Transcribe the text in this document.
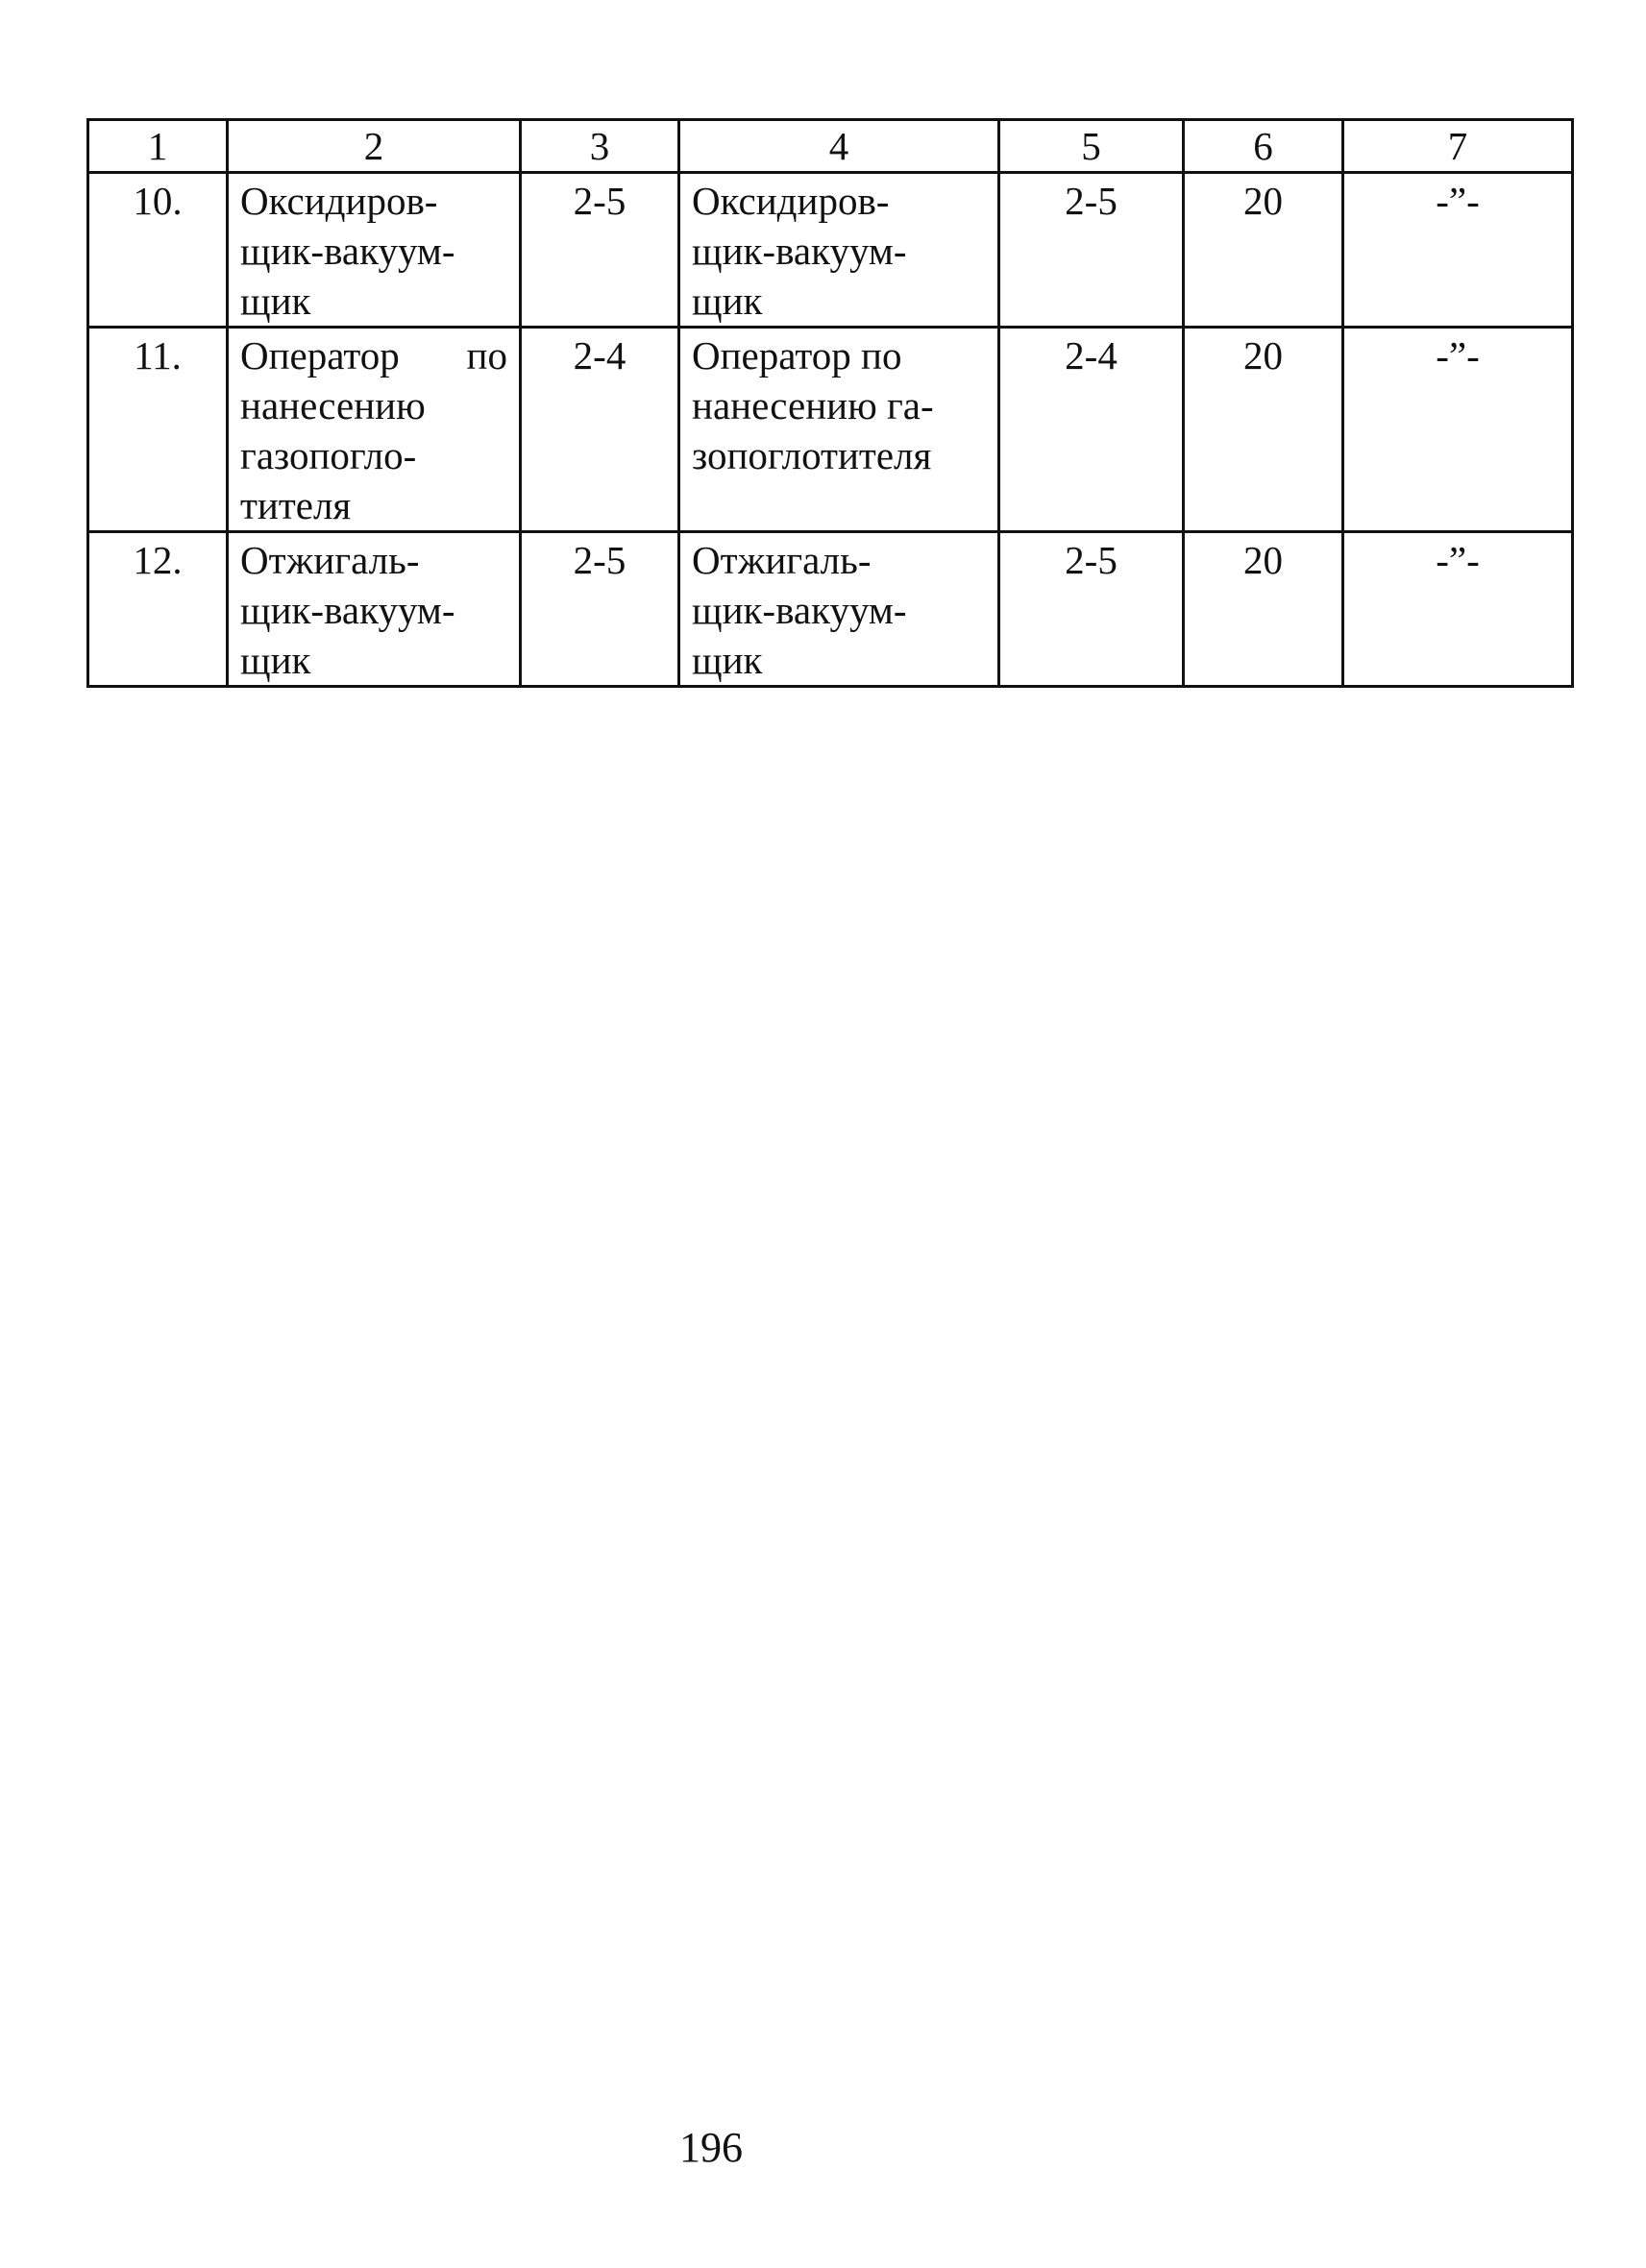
1	2	3	4	5	6	7
10.	Оксидиров-
щик-вакуум-
щик	2-5	Оксидиров-
щик-вакуум-
щик	2-5	20	-”-
11.	Оператор по
нанесению
газопогло-
тителя	2-4	Оператор по
нанесению га-
зопоглотителя	2-4	20	-”-
12.	Отжигаль-
щик-вакуум-
щик	2-5	Отжигаль-
щик-вакуум-
щик	2-5	20	-”-
196
